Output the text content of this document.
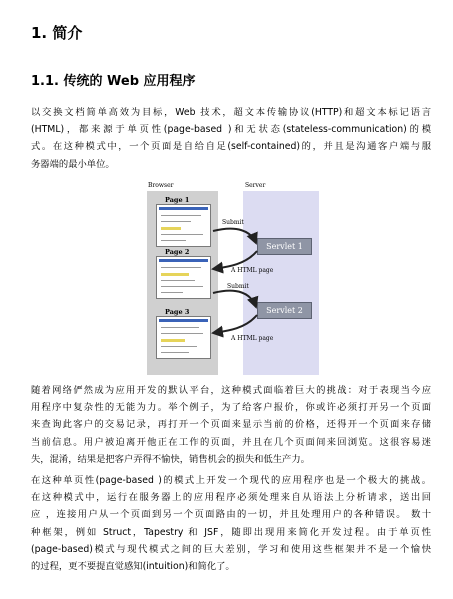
1. 简介
1.1. 传统的 Web 应用程序
以交换文档简单高效为目标，Web 技术，超文本传输协议(HTTP)和超文本标记语言
(HTML)，都来源于单页性(page-based )和无状态(stateless-communication)的模
式。在这种模式中，一个页面是自给自足(self-contained)的，并且是沟通客户端与服
务器端的最小单位。
Browser	Server
Page 1
Page 2
Page 3
Servlet 1
Servlet 2
Submit
A HTML page
Submit
A HTML page
随着网络俨然成为应用开发的默认平台，这种模式面临着巨大的挑战：对于表现当今应
用程序中复杂性的无能为力。举个例子，为了给客户报价，你或许必须打开另一个页面
来查询此客户的交易记录，再打开一个页面来显示当前的价格，还得开一个页面来存储
当前信息。用户被迫离开他正在工作的页面，并且在几个页面间来回浏览。这很容易迷
失，混淆，结果是把客户弄得不愉快，销售机会的损失和低生产力。
在这种单页性(page-based )的模式上开发一个现代的应用程序也是一个极大的挑战。
在这种模式中，运行在服务器上的应用程序必须处理来自从语法上分析请求，送出回
应 ，连接用户从一个页面到另一个页面路由的一切，并且处理用户的各种错误。 数十
种框架，例如 Struct，Tapestry 和 JSF，随即出现用来简化开发过程。由于单页性
(page-based)模式与现代模式之间的巨大差别，学习和使用这些框架并不是一个愉快
的过程，更不要提直觉感知(intuition)和简化了。
